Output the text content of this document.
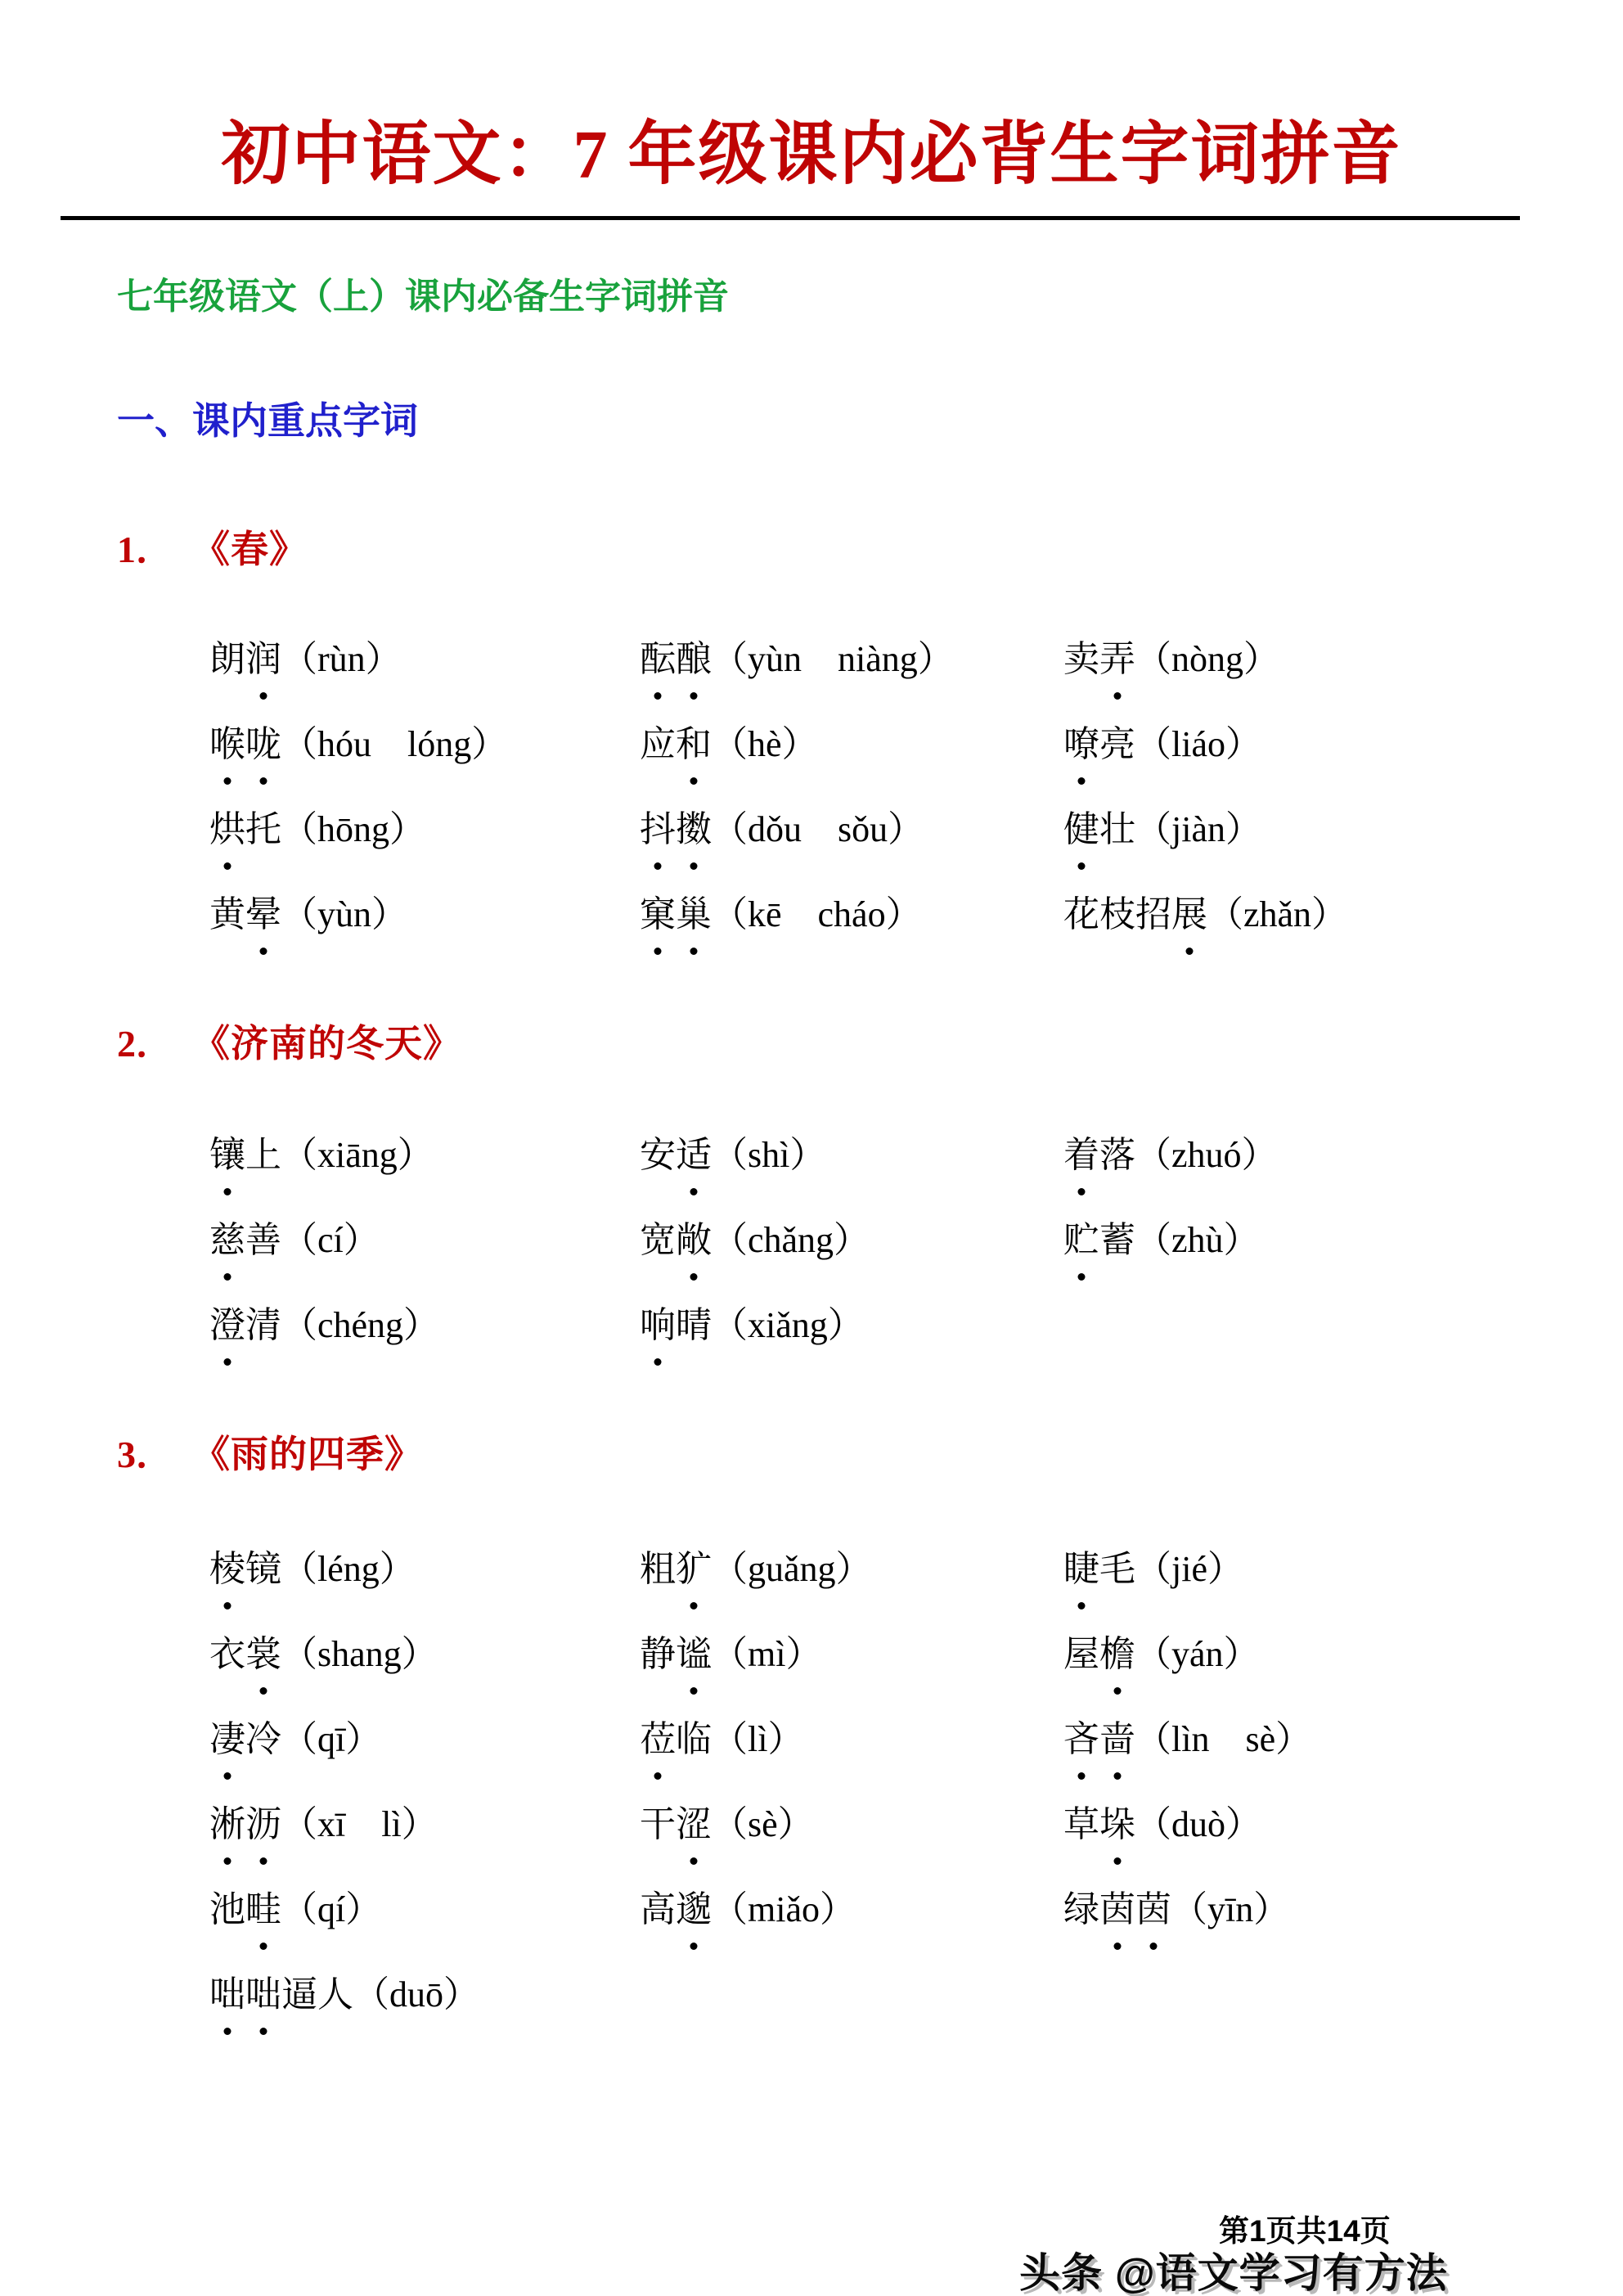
初中语文：7 年级课内必背生字词拼音
七年级语文（上）课内必备生字词拼音
一、课内重点字词
1． 《春》
朗润（rùn）	酝酿（yùn niàng）	卖弄（nòng）
喉咙（hóu lóng）	应和（hè）	嘹亮（liáo）
烘托（hōng）	抖擞（dǒu sǒu）	健壮（jiàn）
黄晕（yùn）	窠巢（kē cháo）	花枝招展（zhǎn）
2． 《济南的冬天》
镶上（xiāng）	安适（shì）	着落（zhuó）
慈善（cí）	宽敞（chǎng）	贮蓄（zhù）
澄清（chéng）	响晴（xiǎng）
3． 《雨的四季》
棱镜（léng）	粗犷（guǎng）	睫毛（jié）
衣裳（shang）	静谧（mì）	屋檐（yán）
凄冷（qī）	莅临（lì）	吝啬（lìn sè）
淅沥（xī lì）	干涩（sè）	草垛（duò）
池畦（qí）	高邈（miǎo）	绿茵茵（yīn）
咄咄逼人（duō）
第1页共14页
头条 @语文学习有方法
